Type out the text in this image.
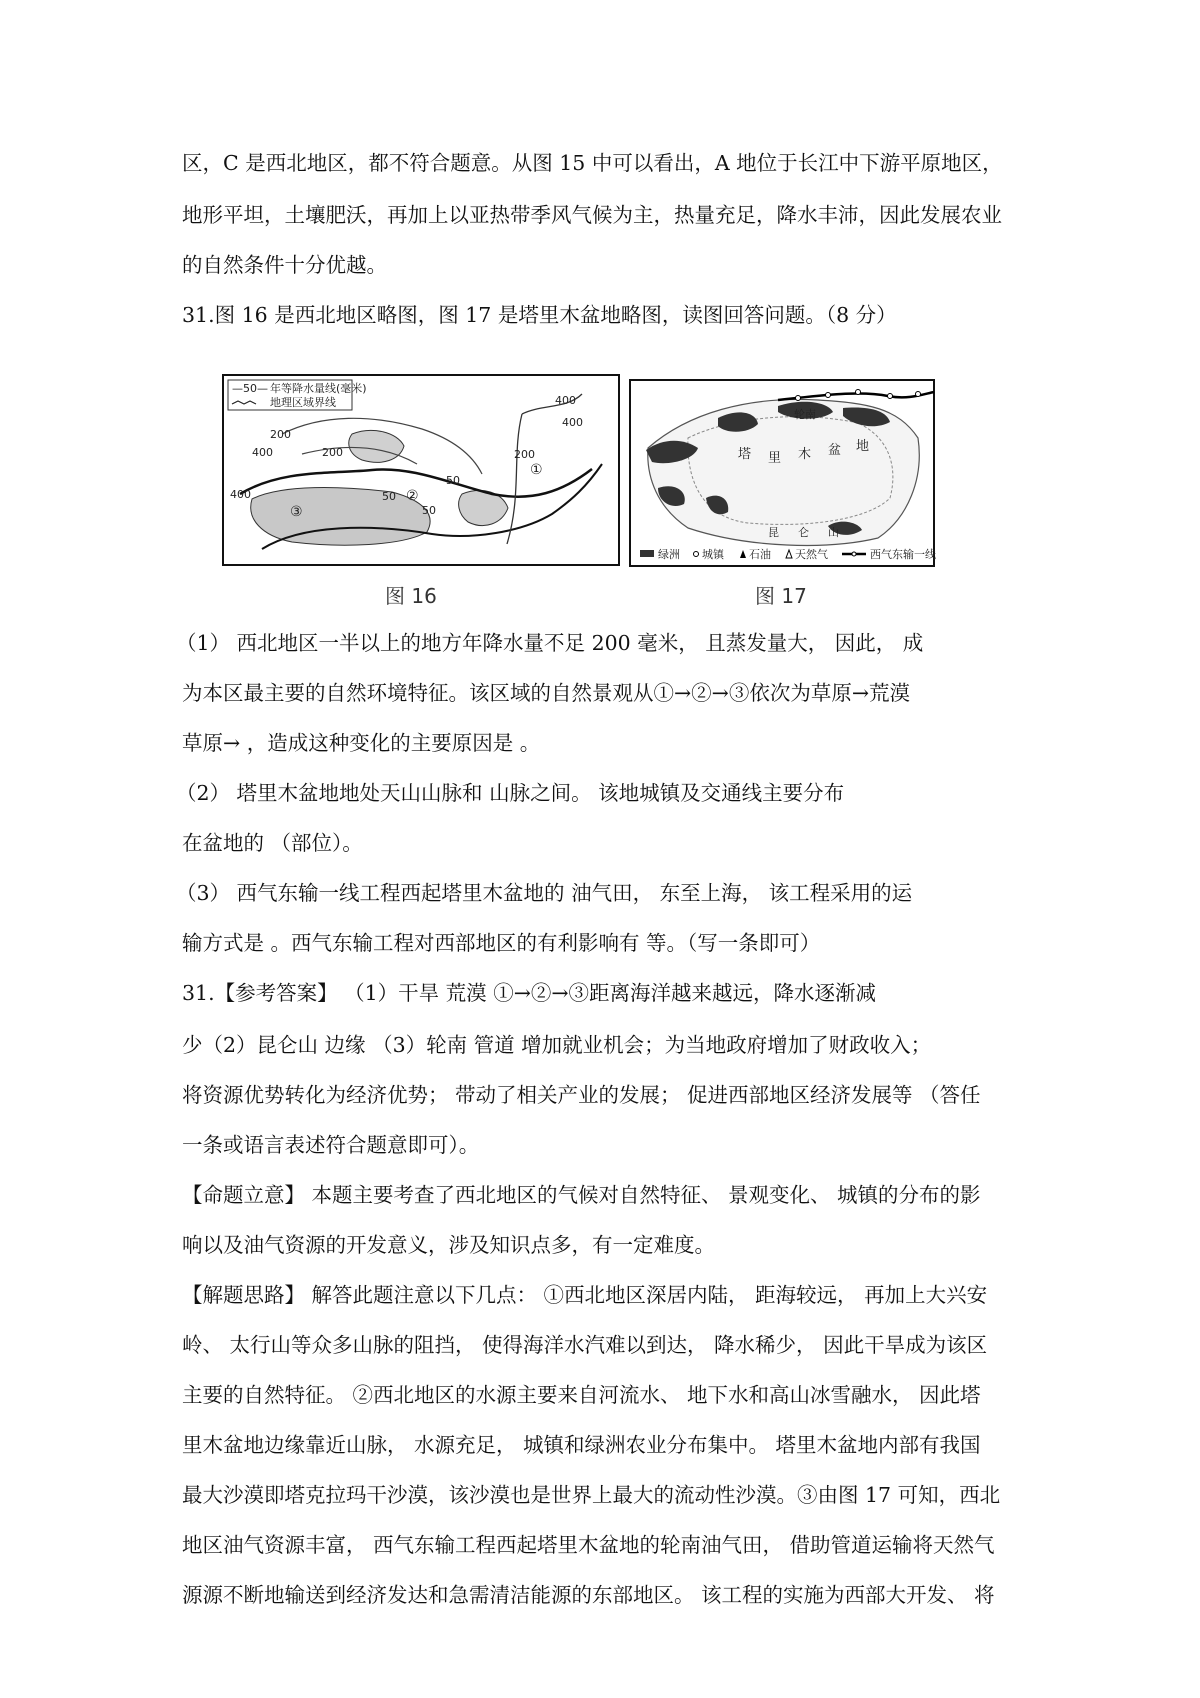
区，C 是西北地区，都不符合题意。从图 15 中可以看出，A 地位于长江中下游平原地区，
地形平坦，土壤肥沃，再加上以亚热带季风气候为主，热量充足，降水丰沛，因此发展农业
的自然条件十分优越。
31.图 16 是西北地区略图，图 17 是塔里木盆地略图，读图回答问题。（8 分）
—50— 年等降水量线(毫米)
地理区域界线	400
400
200
200
400
400
200
50
50
50
①
②
③
图 16
轮南
塔 里 木 盆 地
昆 仑 山
绿洲 城镇 石油 天然气	西气东输一线
图 17
（1） 西北地区一半以上的地方年降水量不足 200 毫米， 且蒸发量大， 因此， 成
为本区最主要的自然环境特征。该区域的自然景观从①→②→③依次为草原→荒漠
草原→ ，造成这种变化的主要原因是 。
（2） 塔里木盆地地处天山山脉和 山脉之间。 该地城镇及交通线主要分布
在盆地的 （部位）。
（3） 西气东输一线工程西起塔里木盆地的 油气田， 东至上海， 该工程采用的运
输方式是 。西气东输工程对西部地区的有利影响有 等。（写一条即可）
31.【参考答案】 （1）干旱 荒漠 ①→②→③距离海洋越来越远，降水逐渐减
少（2）昆仑山 边缘 （3）轮南 管道 增加就业机会；为当地政府增加了财政收入；
将资源优势转化为经济优势； 带动了相关产业的发展； 促进西部地区经济发展等 （答任
一条或语言表述符合题意即可）。
【命题立意】 本题主要考查了西北地区的气候对自然特征、 景观变化、 城镇的分布的影
响以及油气资源的开发意义，涉及知识点多，有一定难度。
【解题思路】 解答此题注意以下几点： ①西北地区深居内陆， 距海较远， 再加上大兴安
岭、 太行山等众多山脉的阻挡， 使得海洋水汽难以到达， 降水稀少， 因此干旱成为该区
主要的自然特征。 ②西北地区的水源主要来自河流水、 地下水和高山冰雪融水， 因此塔
里木盆地边缘靠近山脉， 水源充足， 城镇和绿洲农业分布集中。 塔里木盆地内部有我国
最大沙漠即塔克拉玛干沙漠，该沙漠也是世界上最大的流动性沙漠。③由图 17 可知，西北
地区油气资源丰富， 西气东输工程西起塔里木盆地的轮南油气田， 借助管道运输将天然气
源源不断地输送到经济发达和急需清洁能源的东部地区。 该工程的实施为西部大开发、 将
